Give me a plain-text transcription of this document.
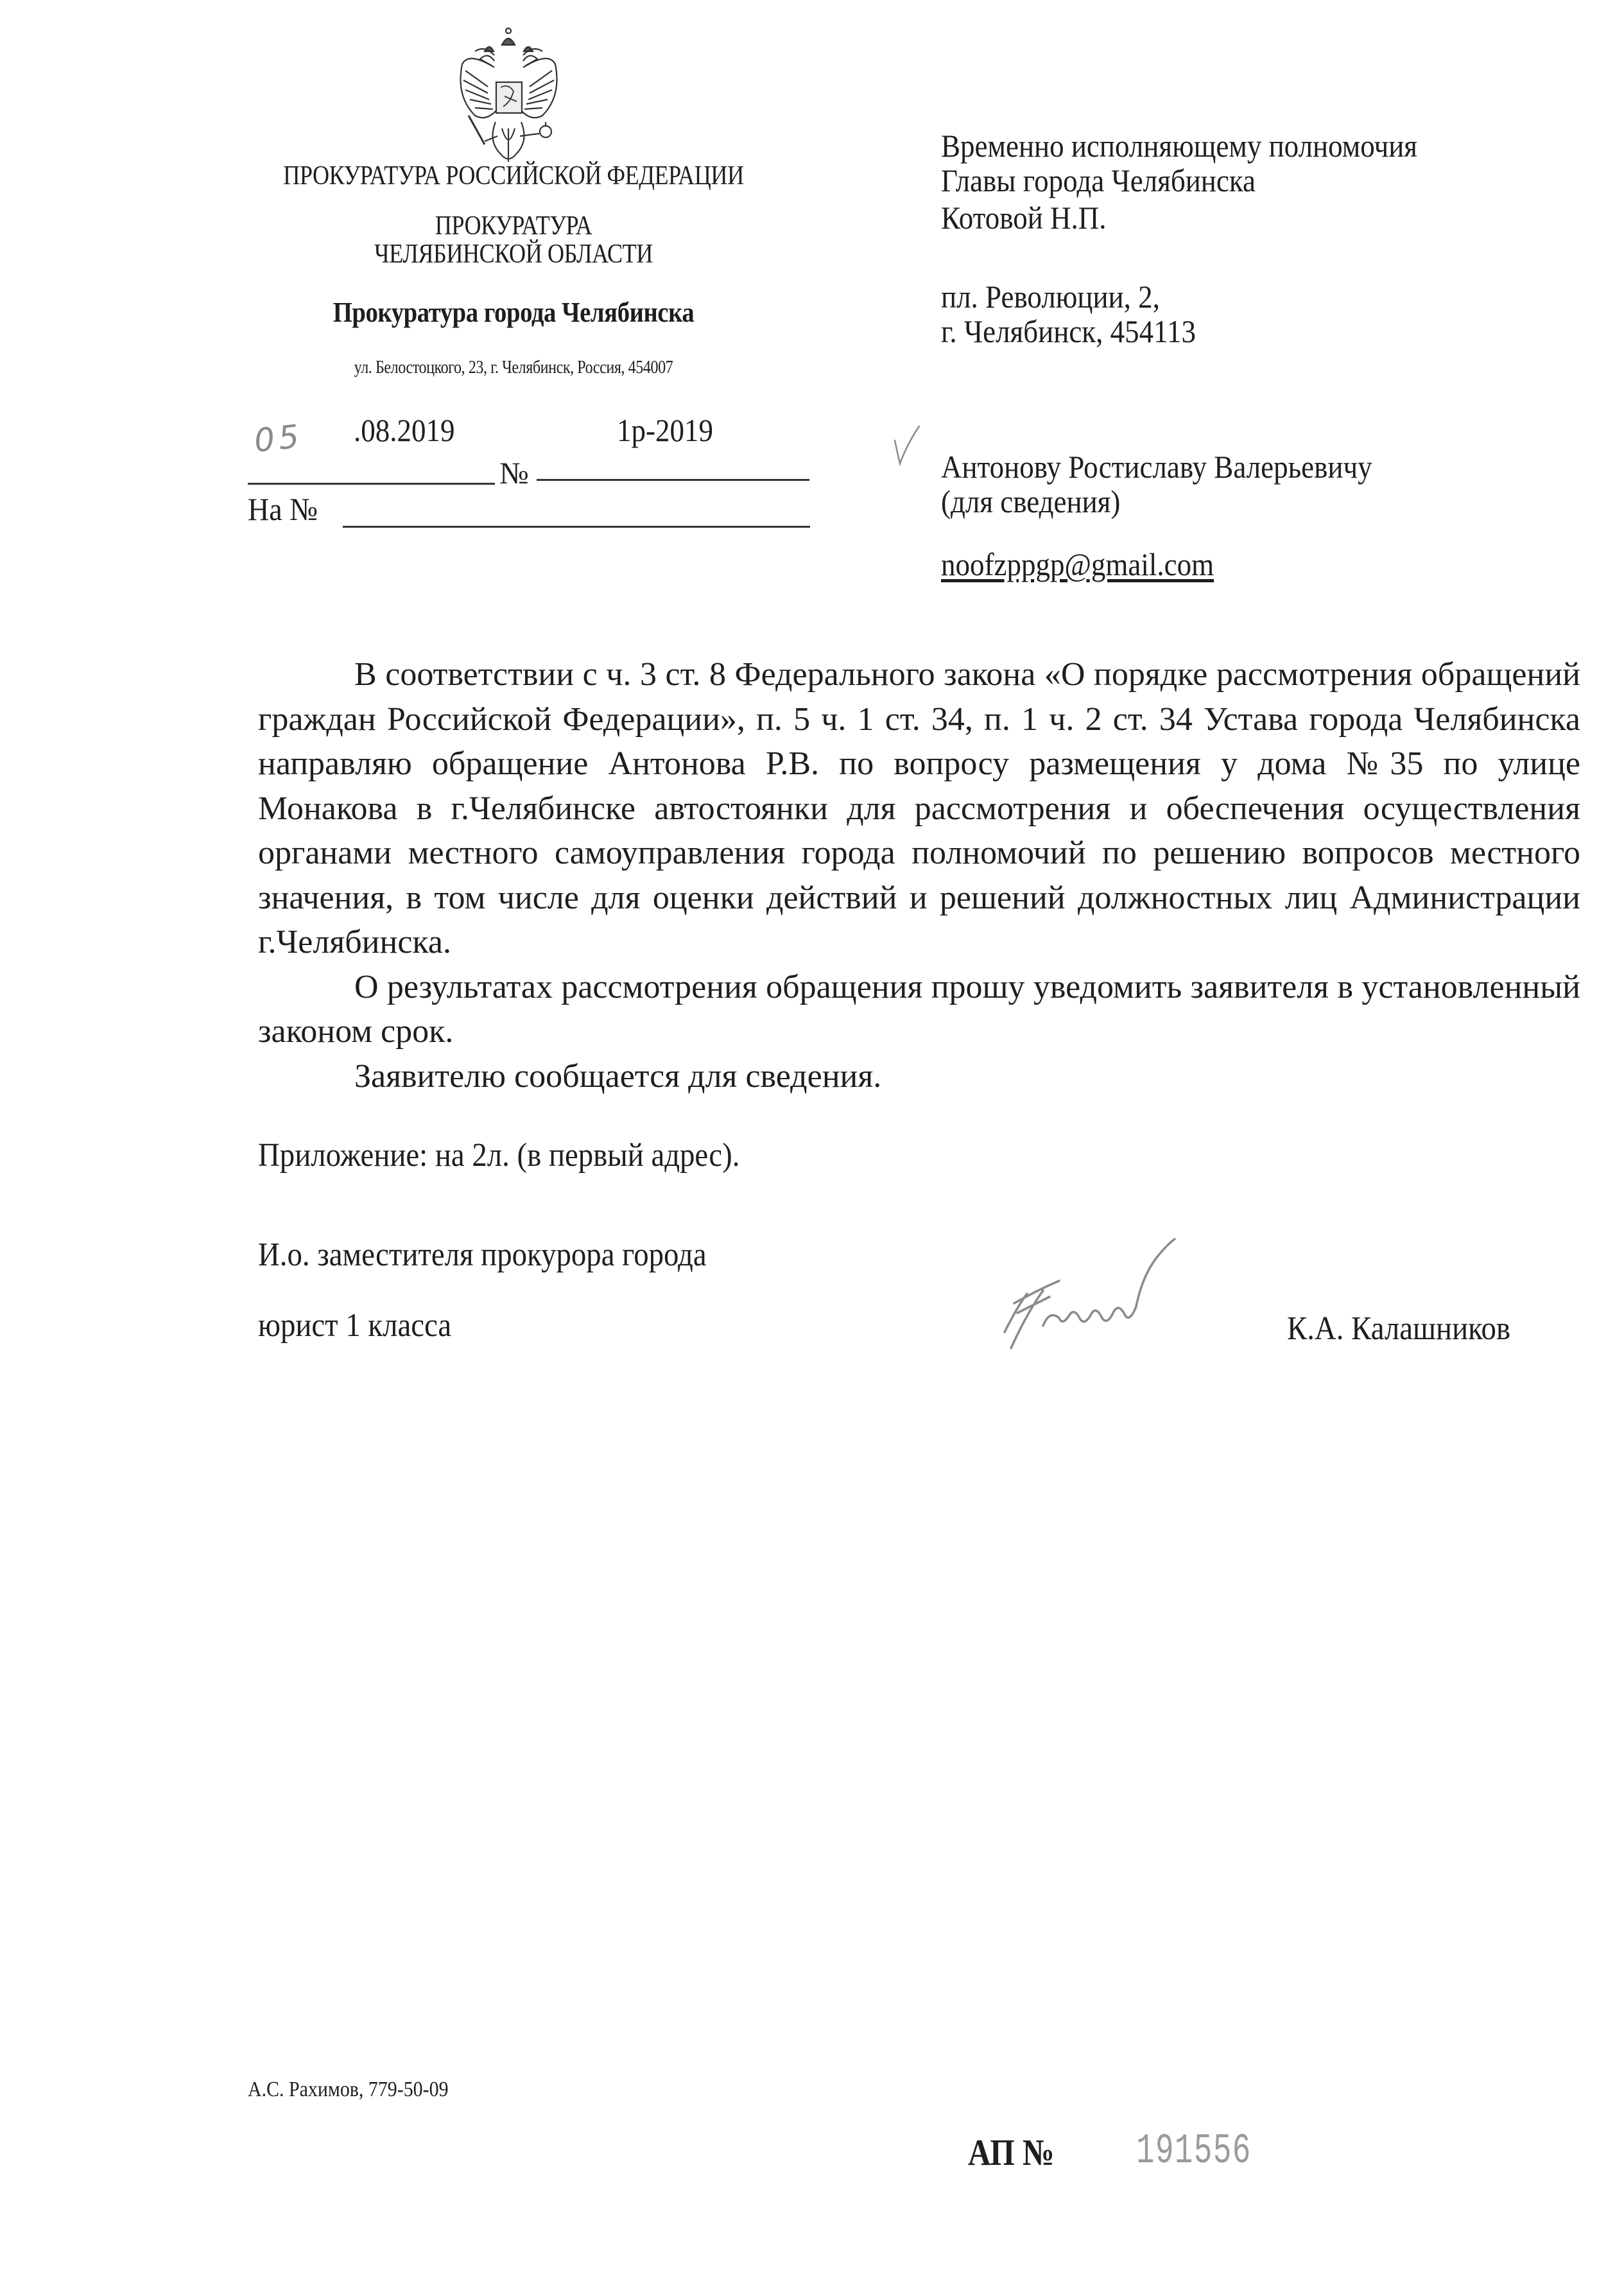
ПРОКУРАТУРА РОССИЙСКОЙ ФЕДЕРАЦИИ
ПРОКУРАТУРА
ЧЕЛЯБИНСКОЙ ОБЛАСТИ
Прокуратура города Челябинска
ул. Белостоцкого, 23, г. Челябинск, Россия, 454007
05 .08.2019	1р-2019
№
На №
Временно исполняющему полномочия
Главы города Челябинска
Котовой Н.П.
пл. Революции, 2,
г. Челябинск, 454113
Антонову Ростиславу Валерьевичу
(для сведения)
noofzppgp@gmail.com

В соответствии с ч. 3 ст. 8 Федерального закона «О порядке рассмотрения обращений граждан Российской Федерации», п. 5 ч. 1 ст. 34, п. 1 ч. 2 ст. 34 Устава города Челябинска направляю обращение Антонова Р.В. по вопросу размещения у дома №35 по улице Монакова в г.Челябинске автостоянки для рассмотрения и обеспечения осуществления органами местного самоуправления города полномочий по решению вопросов местного значения, в том числе для оценки действий и решений должностных лиц Администрации г.Челябинска.

О результатах рассмотрения обращения прошу уведомить заявителя в установленный законом срок.

Заявителю сообщается для сведения.

Приложение: на 2л. (в первый адрес).
И.о. заместителя прокурора города
юрист 1 класса	К.А. Калашников
А.С. Рахимов, 779-50-09
АП № 191556
